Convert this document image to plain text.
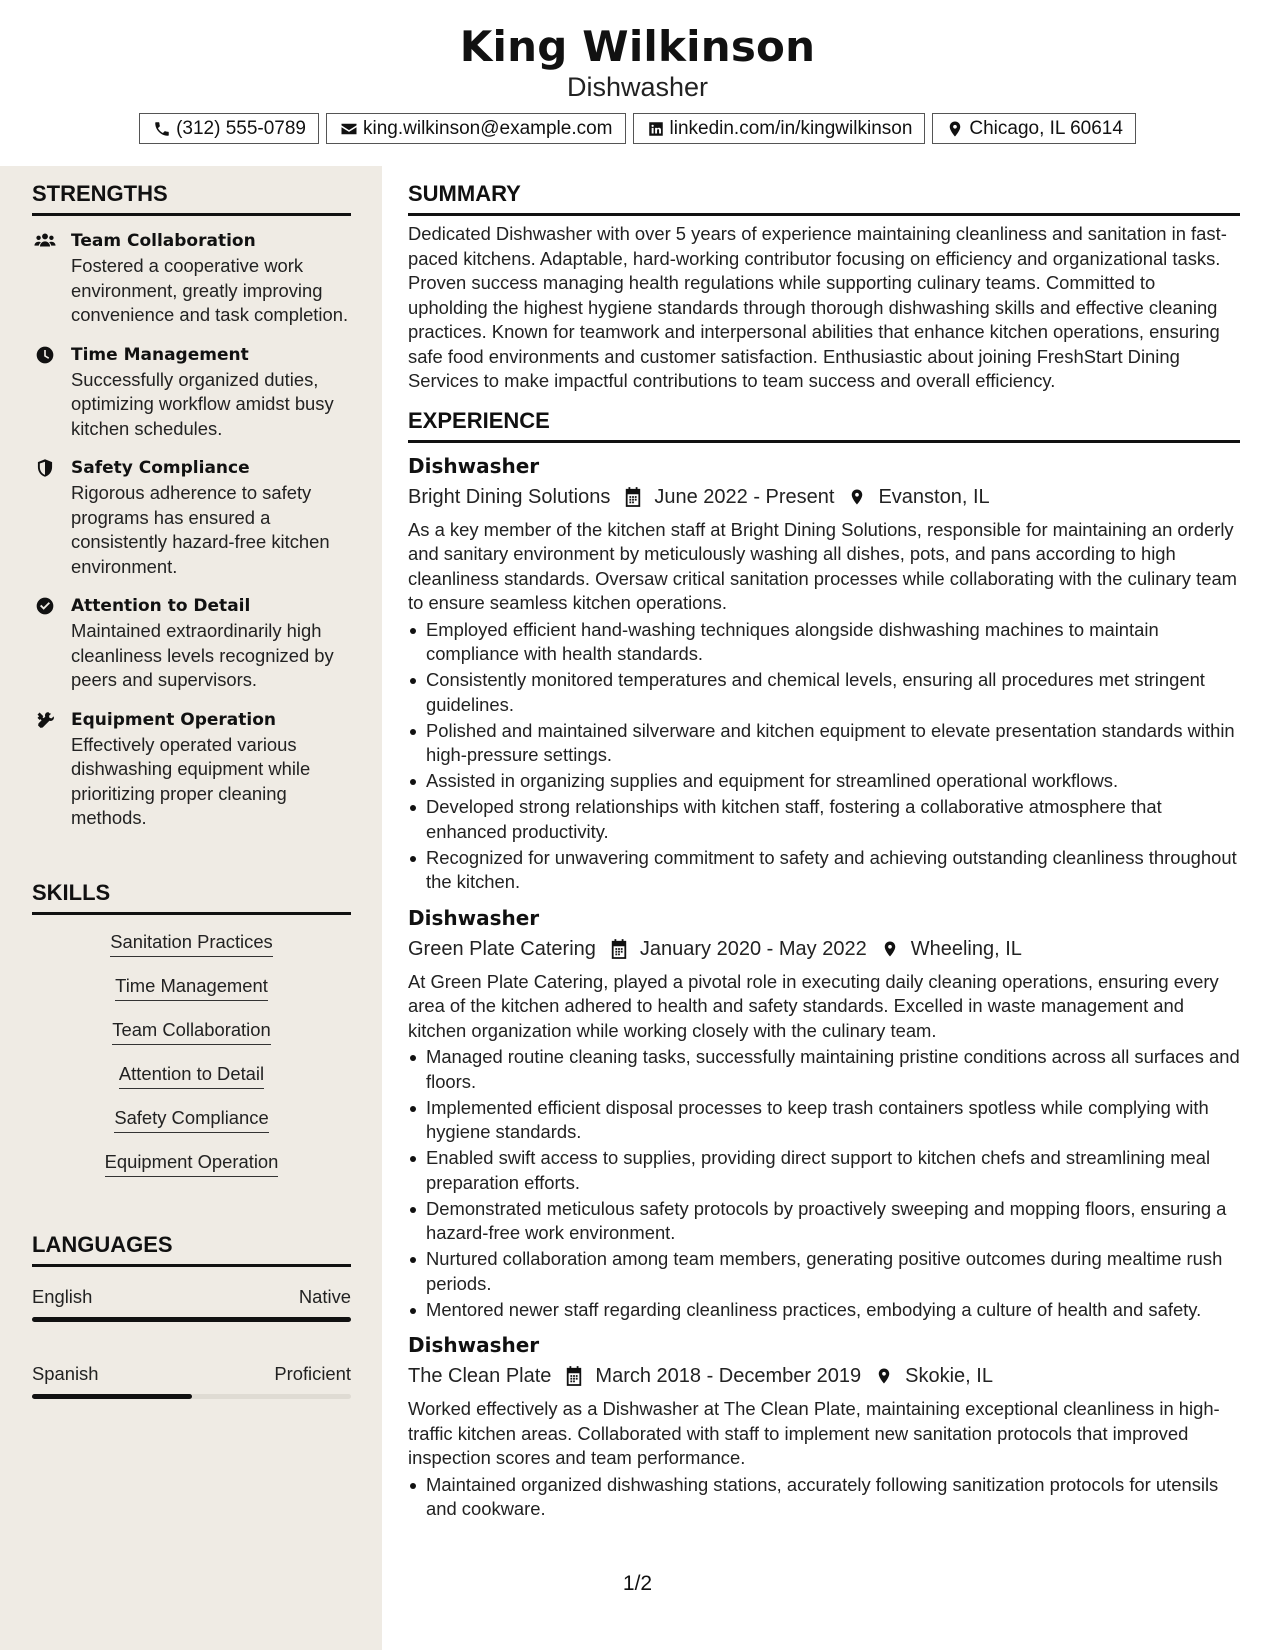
King Wilkinson
Dishwasher
(312) 555-0789	king.wilkinson@example.com	linkedin.com/in/kingwilkinson	Chicago, IL 60614
STRENGTHS
Team Collaboration
Fostered a cooperative work environment, greatly improving convenience and task completion.
Time Management
Successfully organized duties, optimizing workflow amidst busy kitchen schedules.
Safety Compliance
Rigorous adherence to safety programs has ensured a consistently hazard-free kitchen environment.
Attention to Detail
Maintained extraordinarily high cleanliness levels recognized by peers and supervisors.
Equipment Operation
Effectively operated various dishwashing equipment while prioritizing proper cleaning methods.
SKILLS
Sanitation Practices
Time Management
Team Collaboration
Attention to Detail
Safety Compliance
Equipment Operation
LANGUAGES
English	Native
Spanish	Proficient
SUMMARY
Dedicated Dishwasher with over 5 years of experience maintaining cleanliness and sanitation in fast-paced kitchens. Adaptable, hard-working contributor focusing on efficiency and organizational tasks. Proven success managing health regulations while supporting culinary teams. Committed to upholding the highest hygiene standards through thorough dishwashing skills and effective cleaning practices. Known for teamwork and interpersonal abilities that enhance kitchen operations, ensuring safe food environments and customer satisfaction. Enthusiastic about joining FreshStart Dining Services to make impactful contributions to team success and overall efficiency.
EXPERIENCE
Dishwasher
Bright Dining Solutions June 2022 - Present Evanston, IL
As a key member of the kitchen staff at Bright Dining Solutions, responsible for maintaining an orderly and sanitary environment by meticulously washing all dishes, pots, and pans according to high cleanliness standards. Oversaw critical sanitation processes while collaborating with the culinary team to ensure seamless kitchen operations.
Employed efficient hand-washing techniques alongside dishwashing machines to maintain compliance with health standards.
Consistently monitored temperatures and chemical levels, ensuring all procedures met stringent guidelines.
Polished and maintained silverware and kitchen equipment to elevate presentation standards within high-pressure settings.
Assisted in organizing supplies and equipment for streamlined operational workflows.
Developed strong relationships with kitchen staff, fostering a collaborative atmosphere that enhanced productivity.
Recognized for unwavering commitment to safety and achieving outstanding cleanliness throughout the kitchen.
Dishwasher
Green Plate Catering January 2020 - May 2022 Wheeling, IL
At Green Plate Catering, played a pivotal role in executing daily cleaning operations, ensuring every area of the kitchen adhered to health and safety standards. Excelled in waste management and kitchen organization while working closely with the culinary team.
Managed routine cleaning tasks, successfully maintaining pristine conditions across all surfaces and floors.
Implemented efficient disposal processes to keep trash containers spotless while complying with hygiene standards.
Enabled swift access to supplies, providing direct support to kitchen chefs and streamlining meal preparation efforts.
Demonstrated meticulous safety protocols by proactively sweeping and mopping floors, ensuring a hazard-free work environment.
Nurtured collaboration among team members, generating positive outcomes during mealtime rush periods.
Mentored newer staff regarding cleanliness practices, embodying a culture of health and safety.
Dishwasher
The Clean Plate March 2018 - December 2019 Skokie, IL
Worked effectively as a Dishwasher at The Clean Plate, maintaining exceptional cleanliness in high-traffic kitchen areas. Collaborated with staff to implement new sanitation protocols that improved inspection scores and team performance.
Maintained organized dishwashing stations, accurately following sanitization protocols for utensils and cookware.
1/2
